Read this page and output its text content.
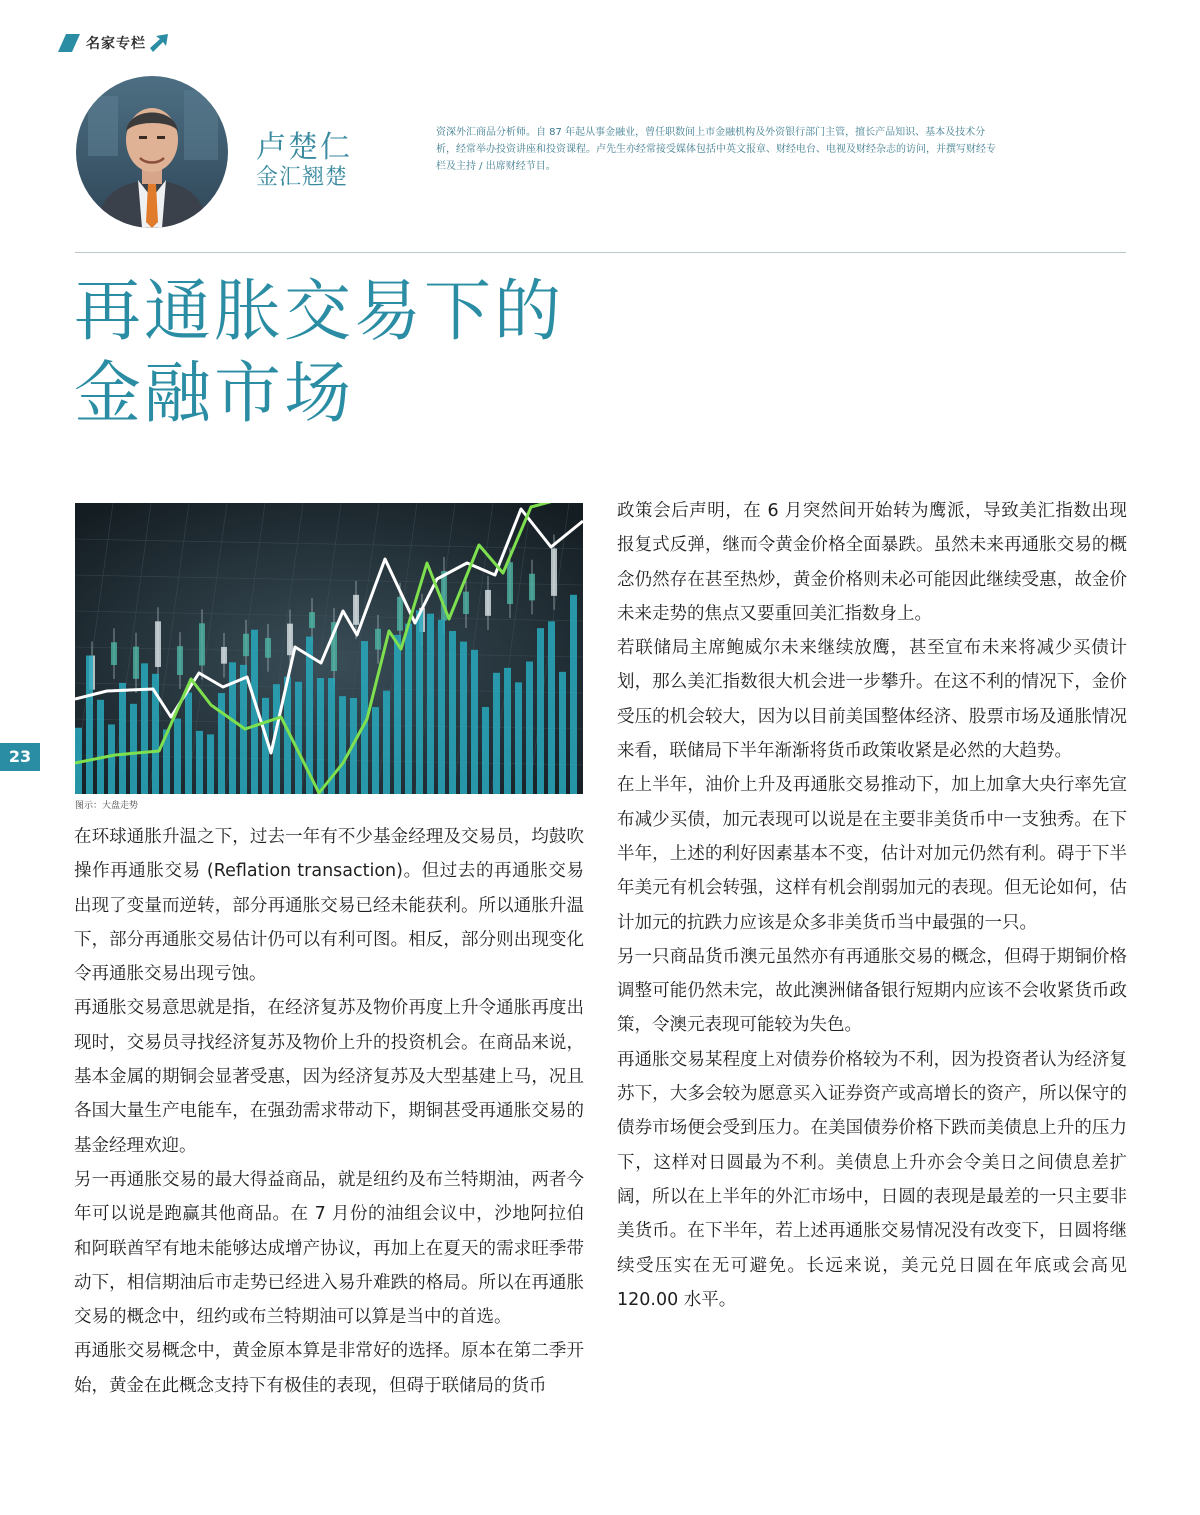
名家专栏
卢楚仁
金汇翘楚
资深外汇商品分析师。自 87 年起从事金融业，曾任职数间上市金融机构及外资银行部门主管，擅长产品知识、基本及技术分析，经常举办投资讲座和投资课程。卢先生亦经常接受媒体包括中英文报章、财经电台、电视及财经杂志的访问，并撰写财经专栏及主持 / 出席财经节目。
再通胀交易下的
金融市场
图示：大盘走势
23

在环球通胀升温之下，过去一年有不少基金经理及交易员，均鼓吹操作再通胀交易 (Reflation transaction)。但过去的再通胀交易出现了变量而逆转，部分再通胀交易已经未能获利。所以通胀升温下，部分再通胀交易估计仍可以有利可图。相反，部分则出现变化令再通胀交易出现亏蚀。

再通胀交易意思就是指，在经济复苏及物价再度上升令通胀再度出现时，交易员寻找经济复苏及物价上升的投资机会。在商品来说，基本金属的期铜会显著受惠，因为经济复苏及大型基建上马，况且各国大量生产电能车，在强劲需求带动下，期铜甚受再通胀交易的基金经理欢迎。

另一再通胀交易的最大得益商品，就是纽约及布兰特期油，两者今年可以说是跑赢其他商品。在 7 月份的油组会议中，沙地阿拉伯和阿联酋罕有地未能够达成增产协议，再加上在夏天的需求旺季带动下，相信期油后市走势已经进入易升难跌的格局。所以在再通胀交易的概念中，纽约或布兰特期油可以算是当中的首选。

再通胀交易概念中，黄金原本算是非常好的选择。原本在第二季开始，黄金在此概念支持下有极佳的表现，但碍于联储局的货币

政策会后声明，在 6 月突然间开始转为鹰派，导致美汇指数出现报复式反弹，继而令黄金价格全面暴跌。虽然未来再通胀交易的概念仍然存在甚至热炒，黄金价格则未必可能因此继续受惠，故金价未来走势的焦点又要重回美汇指数身上。

若联储局主席鲍威尔未来继续放鹰，甚至宣布未来将减少买债计划，那么美汇指数很大机会进一步攀升。在这不利的情况下，金价受压的机会较大，因为以目前美国整体经济、股票市场及通胀情况来看，联储局下半年渐渐将货币政策收紧是必然的大趋势。

在上半年，油价上升及再通胀交易推动下，加上加拿大央行率先宣布减少买债，加元表现可以说是在主要非美货币中一支独秀。在下半年，上述的利好因素基本不变，估计对加元仍然有利。碍于下半年美元有机会转强，这样有机会削弱加元的表现。但无论如何，估计加元的抗跌力应该是众多非美货币当中最强的一只。

另一只商品货币澳元虽然亦有再通胀交易的概念，但碍于期铜价格调整可能仍然未完，故此澳洲储备银行短期内应该不会收紧货币政策，令澳元表现可能较为失色。

再通胀交易某程度上对债券价格较为不利，因为投资者认为经济复苏下，大多会较为愿意买入证券资产或高增长的资产，所以保守的债券市场便会受到压力。在美国债券价格下跌而美债息上升的压力下，这样对日圆最为不利。美债息上升亦会令美日之间债息差扩阔，所以在上半年的外汇市场中，日圆的表现是最差的一只主要非美货币。在下半年，若上述再通胀交易情况没有改变下，日圆将继续受压实在无可避免。长远来说，美元兑日圆在年底或会高见 120.00 水平。
